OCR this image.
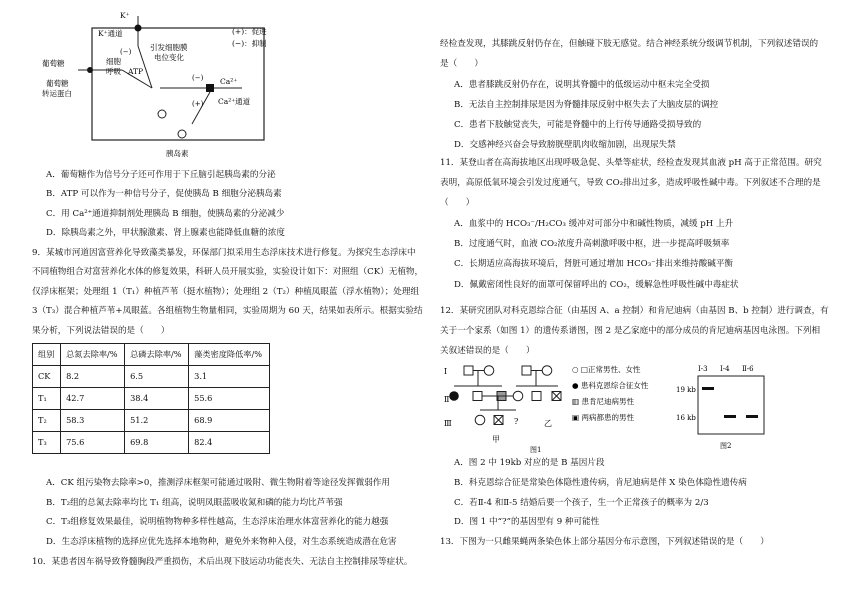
K⁺
K⁺通道
(−)
细胞
呼吸 ATP
葡萄糖
葡萄糖
转运蛋白
引发细胞膜
电位变化
(−)
(+)
Ca²⁺
Ca²⁺通道
胰岛素
(+)：促进
(−)：抑制
A．葡萄糖作为信号分子还可作用于下丘脑引起胰岛素的分泌
B．ATP 可以作为一种信号分子，促使胰岛 B 细胞分泌胰岛素
C．用 Ca²⁺通道抑制剂处理胰岛 B 细胞，使胰岛素的分泌减少
D．除胰岛素之外，甲状腺激素、肾上腺素也能降低血糖的浓度
9．某城市河道因富营养化导致藻类暴发，环保部门拟采用生态浮床技术进行修复。为探究生态浮床中
不同植物组合对富营养化水体的修复效果，科研人员开展实验，实验设计如下：对照组（CK）无植物，
仅浮床框架；处理组 1（T₁）种植芦苇（挺水植物）；处理组 2（T₂）种植凤眼蓝（浮水植物）；处理组
3（T₃）混合种植芦苇+凤眼蓝。各组植物生物量相同，实验周期为 60 天，结果如表所示。根据实验结
果分析，下列说法错误的是（　　）
组别	总氮去除率/%	总磷去除率/%	藻类密度降低率/%
CK	8.2	6.5	3.1
T₁	42.7	38.4	55.6
T₂	58.3	51.2	68.9
T₃	75.6	69.8	82.4
A．CK 组污染物去除率>0，推测浮床框架可能通过吸附、微生物附着等途径发挥微弱作用
B．T₂组的总氮去除率均比 T₁ 组高，说明凤眼蓝吸收氮和磷的能力均比芦苇强
C．T₃组修复效果最佳，说明植物物种多样性越高，生态浮床治理水体富营养化的能力越强
D．生态浮床植物的选择应优先选择本地物种，避免外来物种入侵，对生态系统造成潜在危害
10．某患者因车祸导致脊髓胸段严重损伤，术后出现下肢运动功能丧失、无法自主控制排尿等症状。
经检查发现，其膝跳反射仍存在，但触碰下肢无感觉。结合神经系统分级调节机制，下列叙述错误的
是（　　）
A．患者膝跳反射仍存在，说明其脊髓中的低级运动中枢未完全受损
B．无法自主控制排尿是因为脊髓排尿反射中枢失去了大脑皮层的调控
C．患者下肢触觉丧失，可能是脊髓中的上行传导通路受损导致的
D．交感神经兴奋会导致膀胱壁肌肉收缩加剧，出现尿失禁
11．某登山者在高海拔地区出现呼吸急促、头晕等症状，经检查发现其血液 pH 高于正常范围。研究
表明，高原低氧环境会引发过度通气，导致 CO₂排出过多，造成呼吸性碱中毒。下列叙述不合理的是
（　　）
A．血浆中的 HCO₃⁻/H₂CO₃ 缓冲对可部分中和碱性物质，减缓 pH 上升
B．过度通气时，血液 CO₂浓度升高刺激呼吸中枢，进一步提高呼吸频率
C．长期适应高海拔环境后，肾脏可通过增加 HCO₃⁻排出来维持酸碱平衡
D．佩戴密闭性良好的面罩可保留呼出的 CO₂，缓解急性呼吸性碱中毒症状
12．某研究团队对科克恩综合征（由基因 A、a 控制）和肯尼迪病（由基因 B、b 控制）进行调查，有
关于一个家系（如图 1）的遗传系谱图，图 2 是乙家庭中的部分成员的肯尼迪病基因电泳图。下列相
关叙述错误的是（　　）
Ⅰ
Ⅱ
Ⅲ	?
甲
乙
图1
○ □正常男性、女性
● 患科克恩综合征女性
▥ 患肯尼迪病男性
▣ 两病都患的男性
Ⅰ-3 Ⅰ-4 Ⅱ-6
19 kb
16 kb
图2
A．图 2 中 19kb 对应的是 B 基因片段
B．科克恩综合征是常染色体隐性遗传病，肯尼迪病是伴 X 染色体隐性遗传病
C．若Ⅱ-4 和Ⅱ-5 结婚后要一个孩子，生一个正常孩子的概率为 2/3
D．图 1 中“?”的基因型有 9 种可能性
13．下图为一只雌果蝇两条染色体上部分基因分布示意图，下列叙述错误的是（　　）
